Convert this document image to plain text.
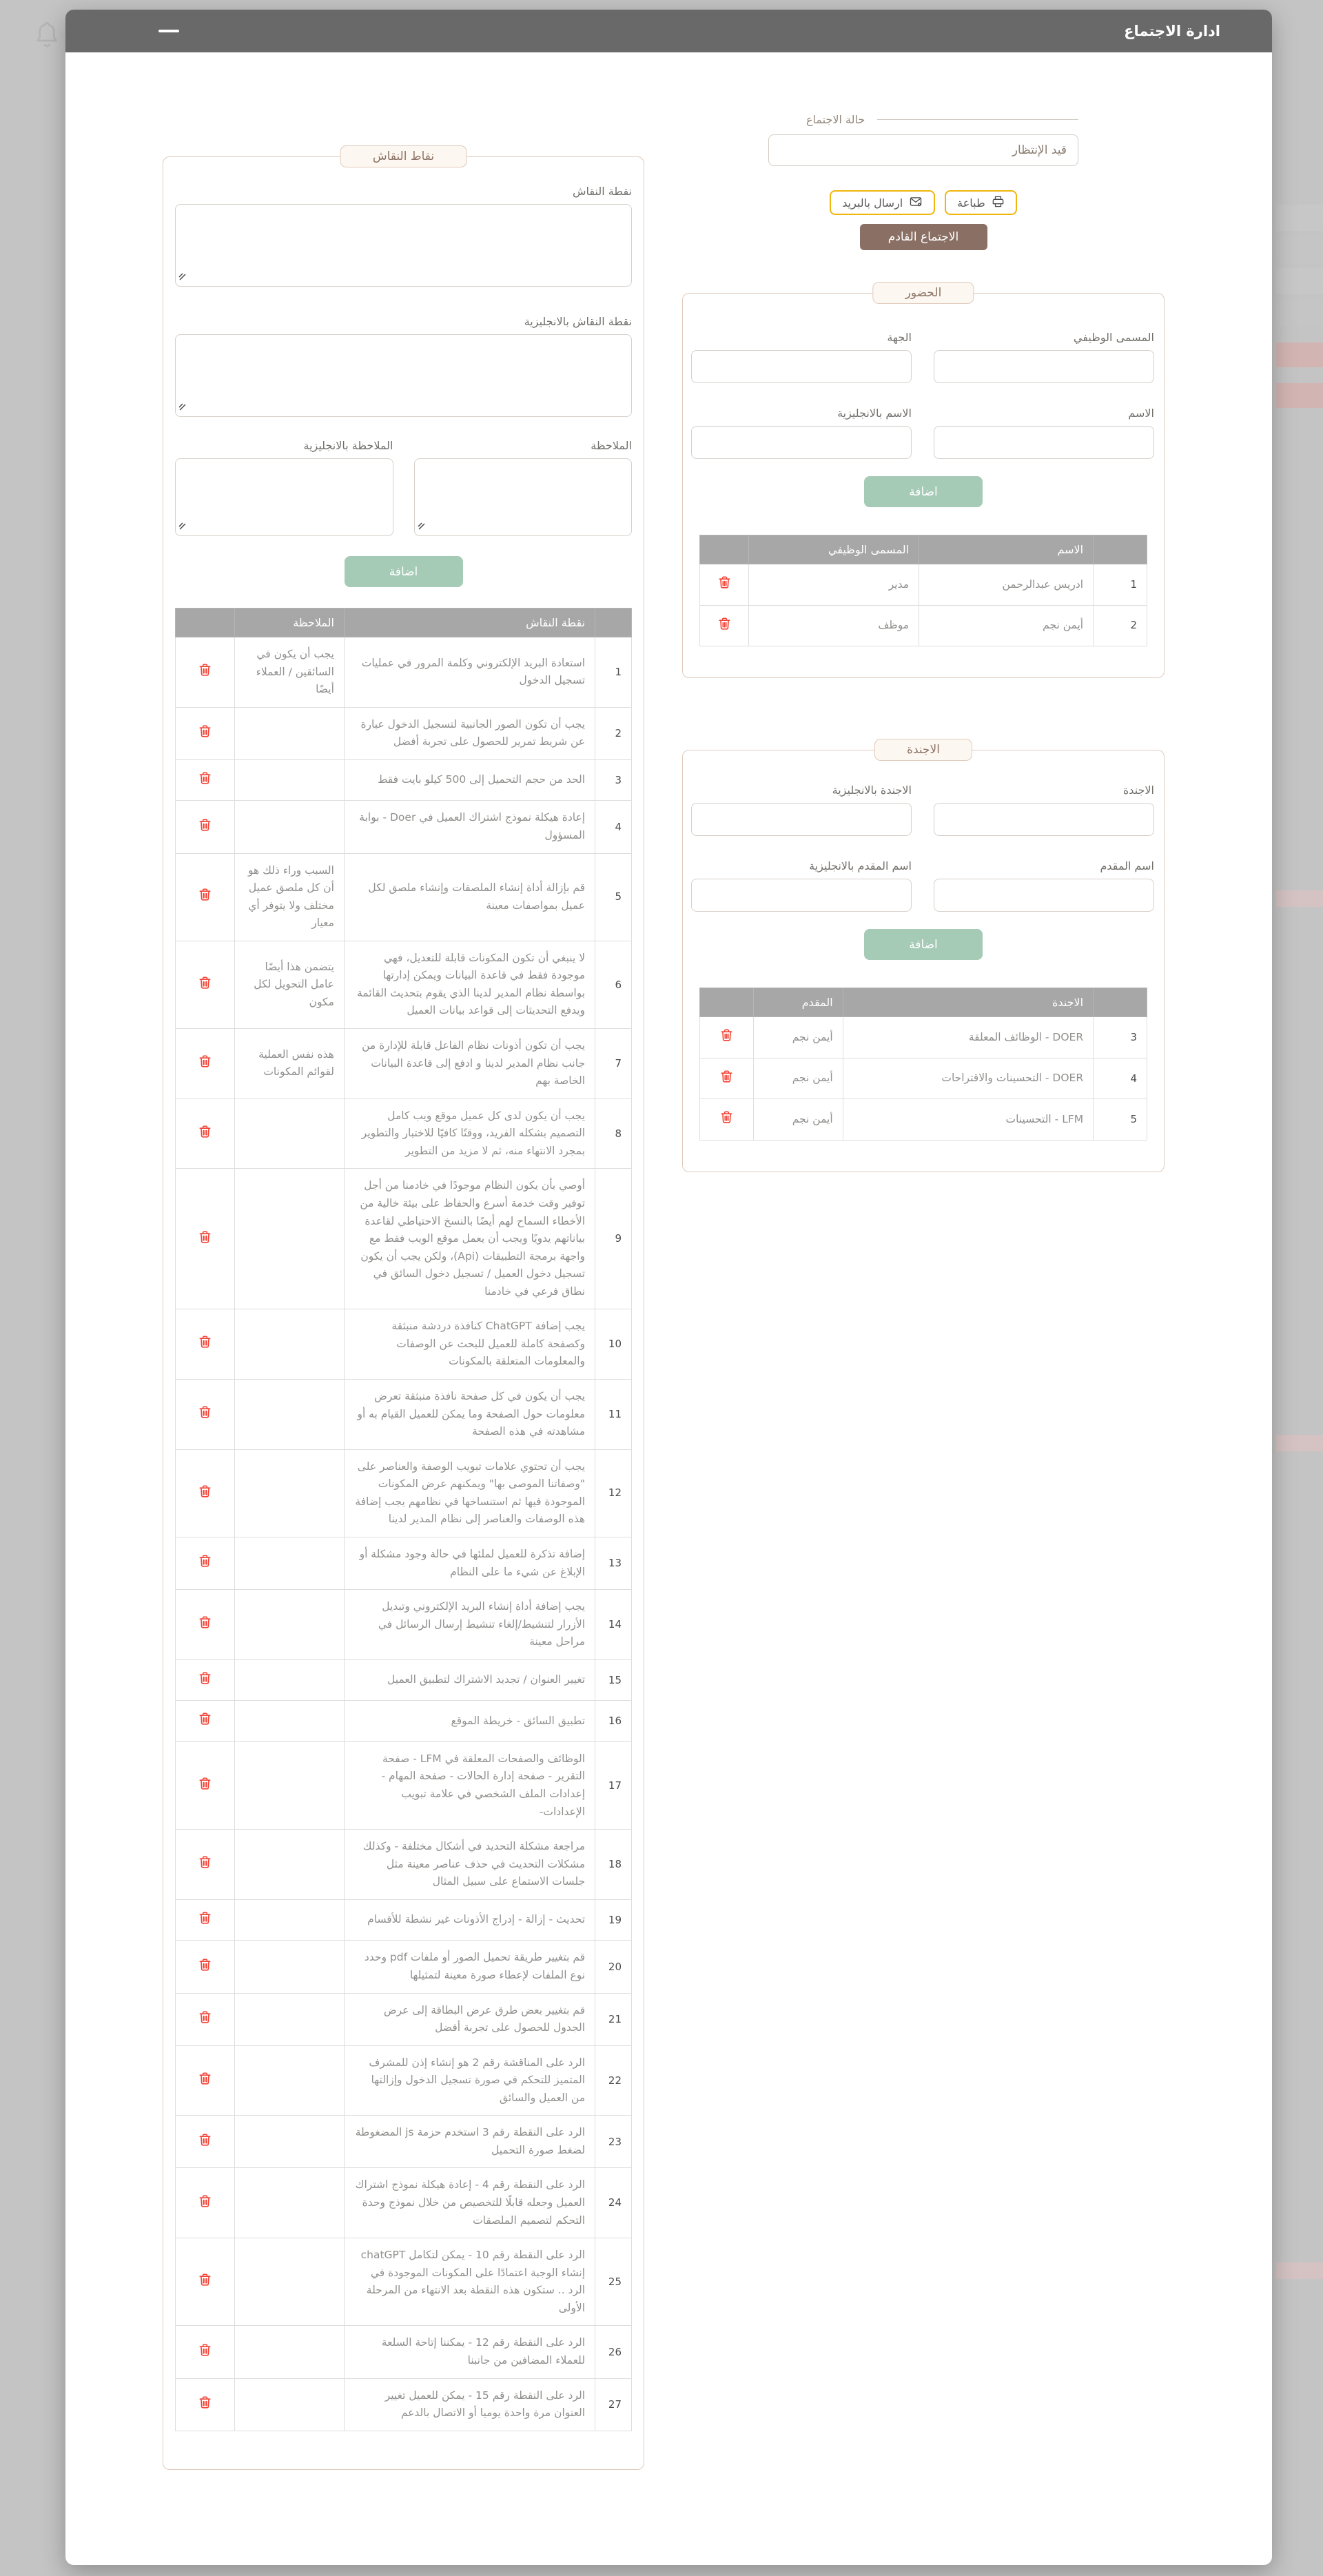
ادارة الاجتماع
حالة الاجتماع
قيد الإنتظار
طباعة
ارسال بالبريد
الاجتماع القادم
الحضور
المسمى الوظيفي
الجهة
الاسم
الاسم بالانجليزية
اضافة
	الاسم	المسمى الوظيفي	
1	ادريس عبدالرحمن	مدير	
2	أيمن نجم	موظف	
الاجندة
الاجندة
الاجندة بالانجليزية
اسم المقدم
اسم المقدم بالانجليزية
اضافة
	الاجندة	المقدم	
3	DOER - الوظائف المعلقة	أيمن نجم	
4	DOER - التحسينات والاقتراحات	أيمن نجم	
5	LFM - التحسينات	أيمن نجم	
نقاط النقاش
نقطة النقاش
نقطة النقاش بالانجليزية
الملاحظة
الملاحظة بالانجليزية
اضافة
	نقطة النقاش	الملاحظة	
1	استعادة البريد الإلكتروني وكلمة المرور في عمليات تسجيل الدخول	يجب أن يكون في السائقين / العملاء أيضًا	
2	يجب أن تكون الصور الجانبية لتسجيل الدخول عبارة عن شريط تمرير للحصول على تجربة أفضل		
3	الحد من حجم التحميل إلى 500 كيلو بايت فقط		
4	إعادة هيكلة نموذج اشتراك العميل في Doer - بوابة المسؤول		
5	قم بإزالة أداة إنشاء الملصقات وإنشاء ملصق لكل عميل بمواصفات معينة	السبب وراء ذلك هو أن كل ملصق عميل مختلف ولا يتوفر أي معيار	
6	لا ينبغي أن تكون المكونات قابلة للتعديل، فهي موجودة فقط في قاعدة البيانات ويمكن إدارتها بواسطة نظام المدير لدينا الذي يقوم بتحديث القائمة ويدفع التحديثات إلى قواعد بيانات العميل	يتضمن هذا أيضًا عامل التحويل لكل مكون	
7	يجب أن تكون أذونات نظام الفاعل قابلة للإدارة من جانب نظام المدير لدينا و ادفع إلى قاعدة البيانات الخاصة بهم	هذه نفس العملية لقوائم المكونات	
8	يجب أن يكون لدى كل عميل موقع ويب كامل التصميم بشكله الفريد، ووقتًا كافيًا للاختبار والتطوير بمجرد الانتهاء منه، ثم لا مزيد من التطوير		
9	أوصي بأن يكون النظام موجودًا في خادمنا من أجل توفير وقت خدمة أسرع والحفاظ على بيئة خالية من الأخطاء السماح لهم أيضًا بالنسخ الاحتياطي لقاعدة بياناتهم يدويًا ويجب أن يعمل موقع الويب فقط مع واجهة برمجة التطبيقات (Api)، ولكن يجب أن يكون تسجيل دخول العميل / تسجيل دخول السائق في نطاق فرعي في خادمنا		
10	يجب إضافة ChatGPT كنافذة دردشة منبثقة وكصفحة كاملة للعميل للبحث عن الوصفات والمعلومات المتعلقة بالمكونات		
11	يجب أن يكون في كل صفحة نافذة منبثقة تعرض معلومات حول الصفحة وما يمكن للعميل القيام به أو مشاهدته في هذه الصفحة		
12	يجب أن تحتوي علامات تبويب الوصفة والعناصر على "وصفاتنا الموصى بها" ويمكنهم عرض المكونات الموجودة فيها ثم استنساخها في نظامهم يجب إضافة هذه الوصفات والعناصر إلى نظام المدير لدينا		
13	إضافة تذكرة للعميل لملئها في حالة وجود مشكلة أو الإبلاغ عن شيء ما على النظام		
14	يجب إضافة أداة إنشاء البريد الإلكتروني وتبديل الأزرار لتنشيط/إلغاء تنشيط إرسال الرسائل في مراحل معينة		
15	تغيير العنوان / تجديد الاشتراك لتطبيق العميل		
16	تطبيق السائق - خريطة الموقع		
17	الوظائف والصفحات المعلقة في LFM - صفحة التقرير - صفحة إدارة الحالات - صفحة المهام - إعدادات الملف الشخصي في علامة تبويب الإعدادات-		
18	مراجعة مشكلة التحديد في أشكال مختلفة - وكذلك مشكلات التحديث في حذف عناصر معينة مثل جلسات الاستماع على سبيل المثال		
19	تحديث - إزالة - إدراج الأذونات غير نشطة للأقسام		
20	قم بتغيير طريقة تحميل الصور أو ملفات pdf وحدد نوع الملفات لإعطاء صورة معينة لتمثيلها		
21	قم بتغيير بعض طرق عرض البطاقة إلى عرض الجدول للحصول على تجربة أفضل		
22	الرد على المناقشة رقم 2 هو إنشاء إذن للمشرف المتميز للتحكم في صورة تسجيل الدخول وإزالتها من العميل والسائق		
23	الرد على النقطة رقم 3 استخدم حزمة js المضغوطة لضغط صورة التحميل		
24	الرد على النقطة رقم 4 - إعادة هيكلة نموذج اشتراك العميل وجعله قابلًا للتخصيص من خلال نموذج وحدة التحكم لتصميم الملصقات		
25	الرد على النقطة رقم 10 - يمكن لتكامل chatGPT إنشاء الوجبة اعتمادًا على المكونات الموجودة في الرد .. ستكون هذه النقطة بعد الانتهاء من المرحلة الأولى		
26	الرد على النقطة رقم 12 - يمكننا إتاحة السلعة للعملاء المضافين من جانبنا		
27	الرد على النقطة رقم 15 - يمكن للعميل تغيير العنوان مرة واحدة يوميا أو الاتصال بالدعم		
